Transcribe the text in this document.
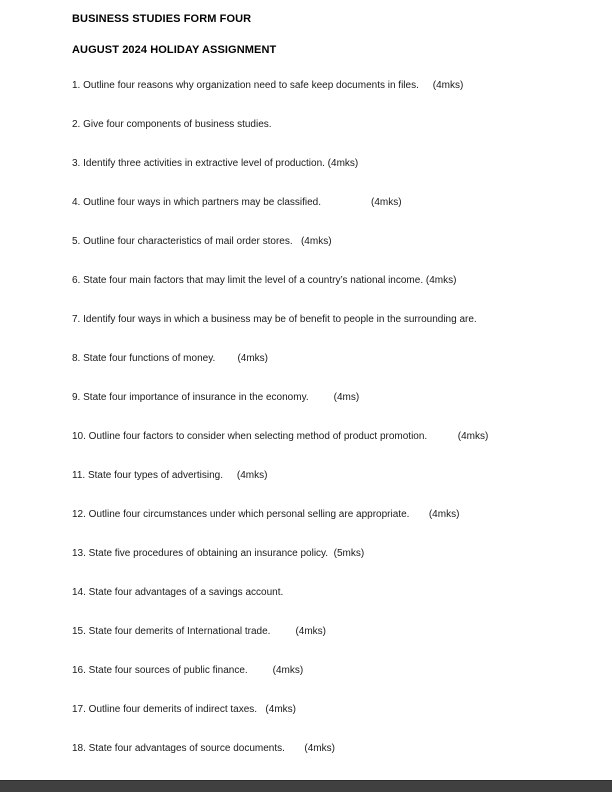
BUSINESS STUDIES FORM FOUR
AUGUST 2024 HOLIDAY ASSIGNMENT
1. Outline four reasons why organization need to safe keep documents in files.     (4mks)
2. Give four components of business studies.
3. Identify three activities in extractive level of production. (4mks)
4. Outline four ways in which partners may be classified.                  (4mks)
5. Outline four characteristics of mail order stores.   (4mks)
6. State four main factors that may limit the level of a country’s national income. (4mks)
7. Identify four ways in which a business may be of benefit to people in the surrounding are.
8. State four functions of money.        (4mks)
9. State four importance of insurance in the economy.         (4ms)
10. Outline four factors to consider when selecting method of product promotion.           (4mks)
11. State four types of advertising.     (4mks)
12. Outline four circumstances under which personal selling are appropriate.       (4mks)
13. State five procedures of obtaining an insurance policy.  (5mks)
14. State four advantages of a savings account.
15. State four demerits of International trade.         (4mks)
16. State four sources of public finance.         (4mks)
17. Outline four demerits of indirect taxes.   (4mks)
18. State four advantages of source documents.       (4mks)
